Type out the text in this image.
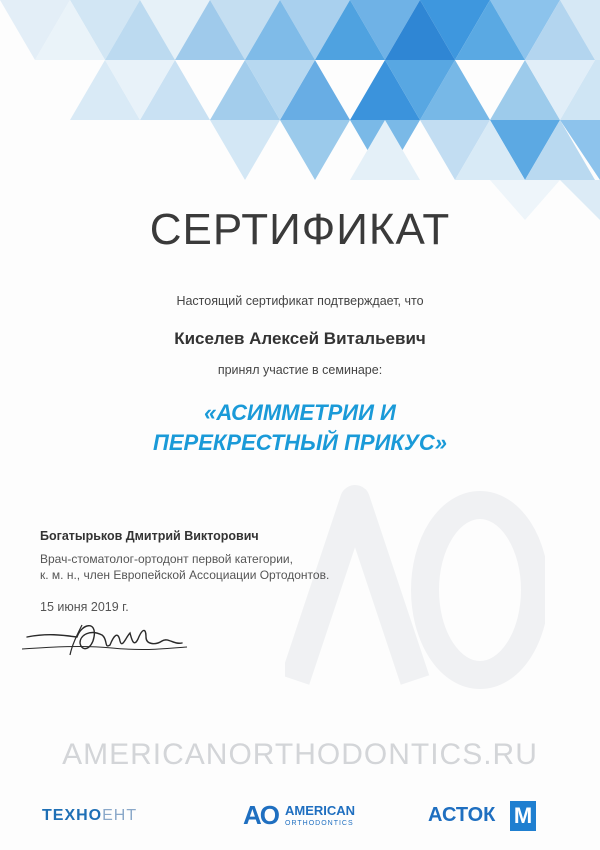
СЕРТИФИКАТ
Настоящий сертификат подтверждает, что
Киселев Алексей Витальевич
принял участие в семинаре:
«АСИММЕТРИИ И
ПЕРЕКРЕСТНЫЙ ПРИКУС»
Богатырьков Дмитрий Викторович
Врач-стоматолог-ортодонт первой категории,
к. м. н., член Европейской Ассоциации Ортодонтов.
15 июня 2019 г.
AMERICANORTHODONTICS.RU
ТЕХНОЕНТ	AO AMERICAN
ORTHODONTICS	АСТОК М
